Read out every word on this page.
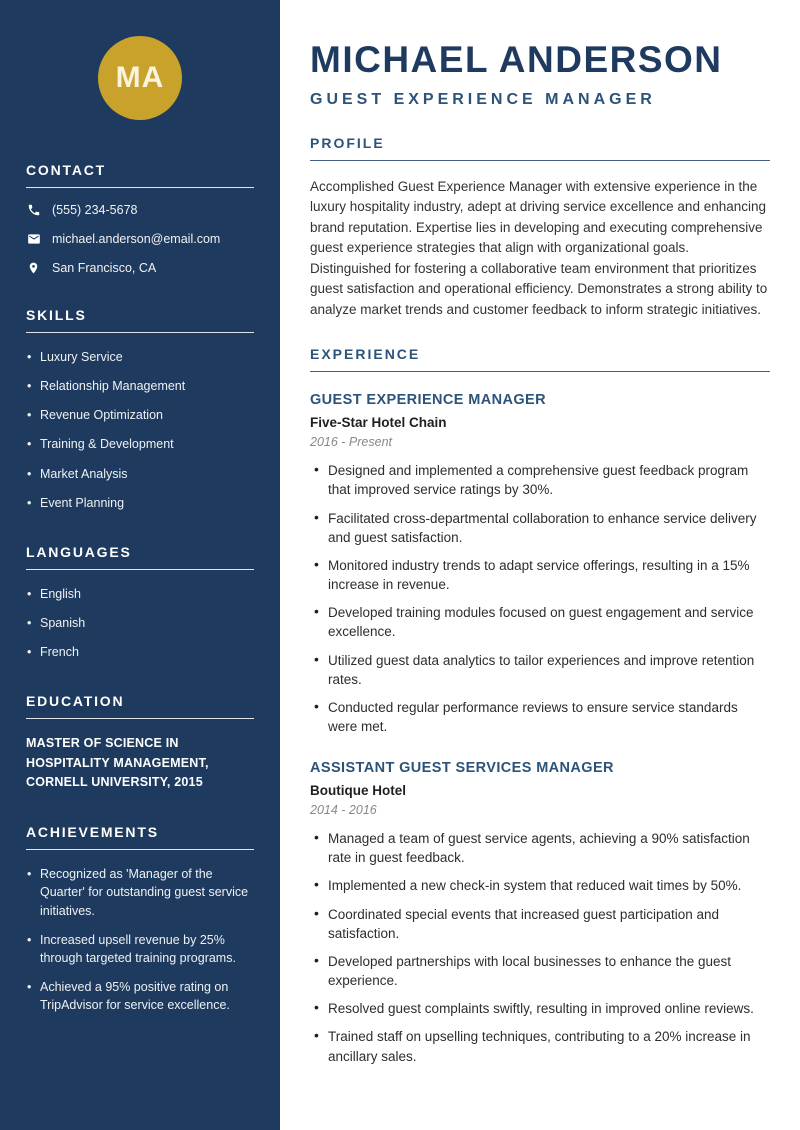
MA
CONTACT
(555) 234-5678
michael.anderson@email.com
San Francisco, CA
SKILLS
• Luxury Service
• Relationship Management
• Revenue Optimization
• Training & Development
• Market Analysis
• Event Planning
LANGUAGES
• English
• Spanish
• French
EDUCATION
MASTER OF SCIENCE IN HOSPITALITY MANAGEMENT, CORNELL UNIVERSITY, 2015
ACHIEVEMENTS
• Recognized as 'Manager of the Quarter' for outstanding guest service initiatives.
• Increased upsell revenue by 25% through targeted training programs.
• Achieved a 95% positive rating on TripAdvisor for service excellence.
MICHAEL ANDERSON
GUEST EXPERIENCE MANAGER
PROFILE

Accomplished Guest Experience Manager with extensive experience in the luxury hospitality industry, adept at driving service excellence and enhancing brand reputation. Expertise lies in developing and executing comprehensive guest experience strategies that align with organizational goals. Distinguished for fostering a collaborative team environment that prioritizes guest satisfaction and operational efficiency. Demonstrates a strong ability to analyze market trends and customer feedback to inform strategic initiatives.

EXPERIENCE
GUEST EXPERIENCE MANAGER
Five-Star Hotel Chain
2016 - Present
• Designed and implemented a comprehensive guest feedback program that improved service ratings by 30%.
• Facilitated cross-departmental collaboration to enhance service delivery and guest satisfaction.
• Monitored industry trends to adapt service offerings, resulting in a 15% increase in revenue.
• Developed training modules focused on guest engagement and service excellence.
• Utilized guest data analytics to tailor experiences and improve retention rates.
• Conducted regular performance reviews to ensure service standards were met.
ASSISTANT GUEST SERVICES MANAGER
Boutique Hotel
2014 - 2016
• Managed a team of guest service agents, achieving a 90% satisfaction rate in guest feedback.
• Implemented a new check-in system that reduced wait times by 50%.
• Coordinated special events that increased guest participation and satisfaction.
• Developed partnerships with local businesses to enhance the guest experience.
• Resolved guest complaints swiftly, resulting in improved online reviews.
• Trained staff on upselling techniques, contributing to a 20% increase in ancillary sales.
